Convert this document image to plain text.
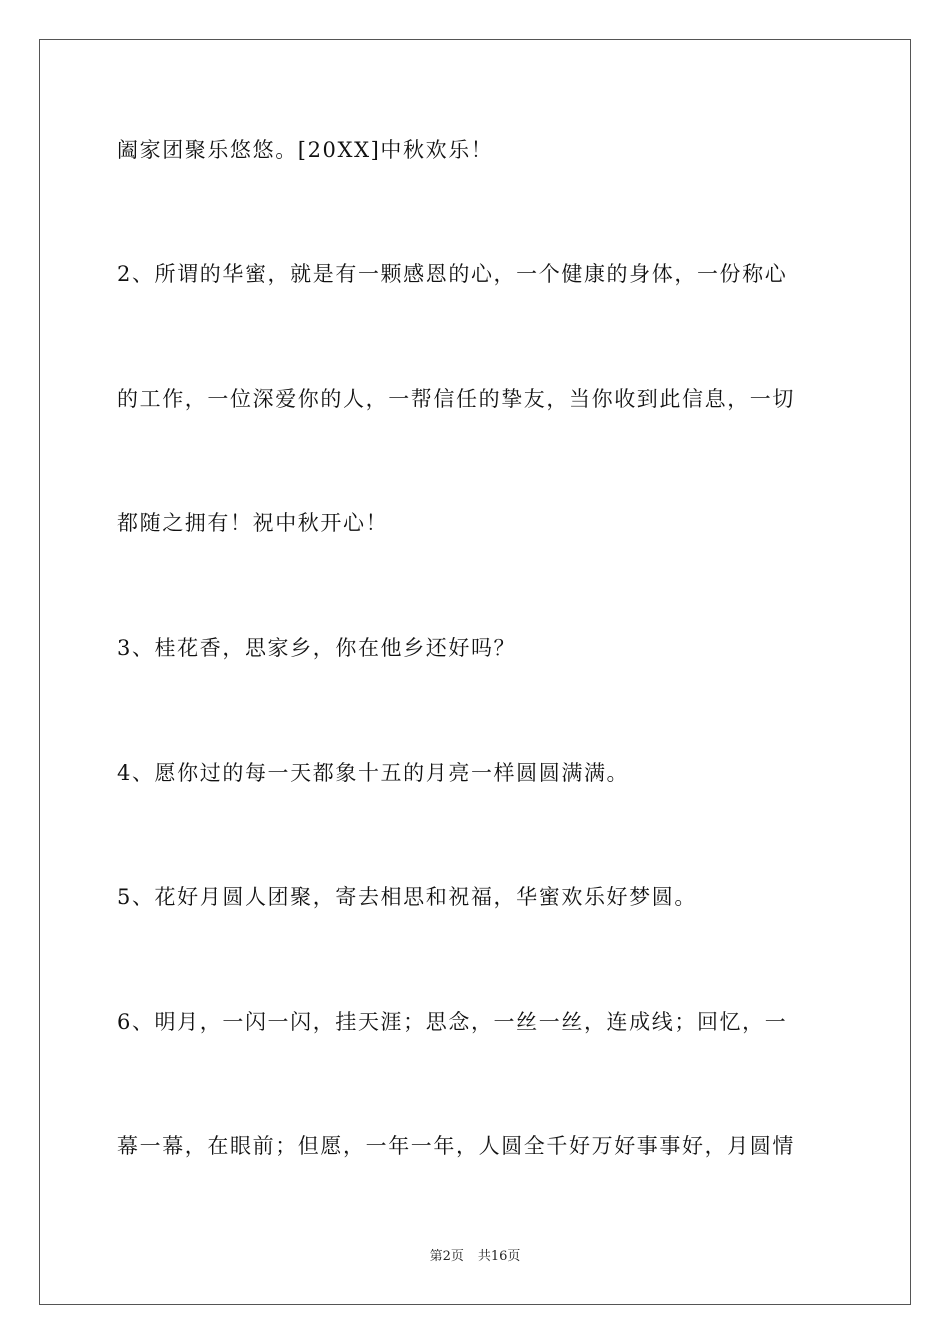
阖家团聚乐悠悠。[20XX]中秋欢乐！
2、所谓的华蜜，就是有一颗感恩的心，一个健康的身体，一份称心
的工作，一位深爱你的人，一帮信任的挚友，当你收到此信息，一切
都随之拥有！祝中秋开心！
3、桂花香，思家乡，你在他乡还好吗？
4、愿你过的每一天都象十五的月亮一样圆圆满满。
5、花好月圆人团聚，寄去相思和祝福，华蜜欢乐好梦圆。
6、明月，一闪一闪，挂天涯；思念，一丝一丝，连成线；回忆，一
幕一幕，在眼前；但愿，一年一年，人圆全千好万好事事好，月圆情
第2页 共16页
